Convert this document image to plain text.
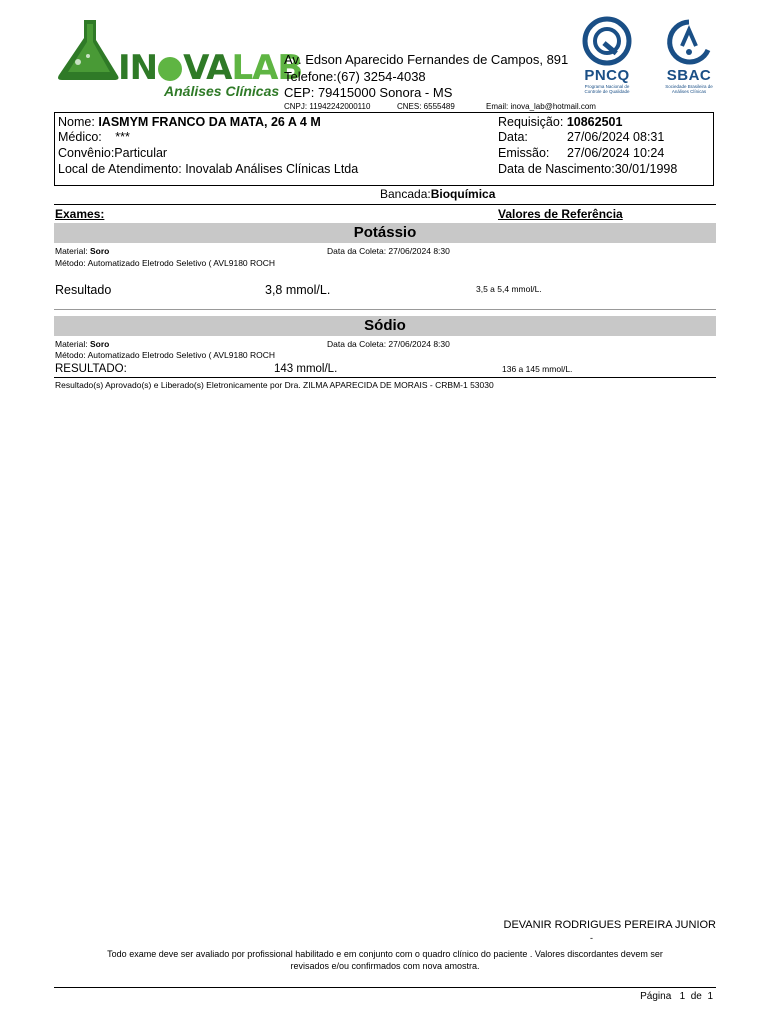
IN VALAB
Análises Clínicas
Av. Edson Aparecido Fernandes de Campos, 891
Telefone:(67) 3254-4038
CEP: 79415000 Sonora - MS
PNCQ
Programa Nacional de Controle de Qualidade
SBAC
Sociedade Brasileira de Análises Clínicas
CNPJ: 11942242000110	CNES: 6555489	Email: inova_lab@hotmail.com
Nome: IASMYM FRANCO DA MATA, 26 A 4 M
Médico: ***
Convênio:Particular
Local de Atendimento: Inovalab Análises Clínicas Ltda
Requisição: 10862501
Data:	27/06/2024 08:31
Emissão: 27/06/2024 10:24
Data de Nascimento:30/01/1998
Bancada:Bioquímica
Exames:	Valores de Referência
Potássio
Material: Soro	Data da Coleta: 27/06/2024 8:30
Método: Automatizado Eletrodo Seletivo ( AVL9180 ROCH
Resultado	3,8 mmol/L.	3,5 a 5,4 mmol/L.
Sódio
Material: Soro	Data da Coleta: 27/06/2024 8:30
Método: Automatizado Eletrodo Seletivo ( AVL9180 ROCH
RESULTADO:	143 mmol/L.	136 a 145 mmol/L.
Resultado(s) Aprovado(s) e Liberado(s) Eletronicamente por Dra. ZILMA APARECIDA DE MORAIS - CRBM-1 53030
DEVANIR RODRIGUES PEREIRA JUNIOR
-
Todo exame deve ser avaliado por profissional habilitado e em conjunto com o quadro clínico do paciente . Valores discordantes devem ser
revisados e/ou confirmados com nova amostra.
Página 1 de 1
